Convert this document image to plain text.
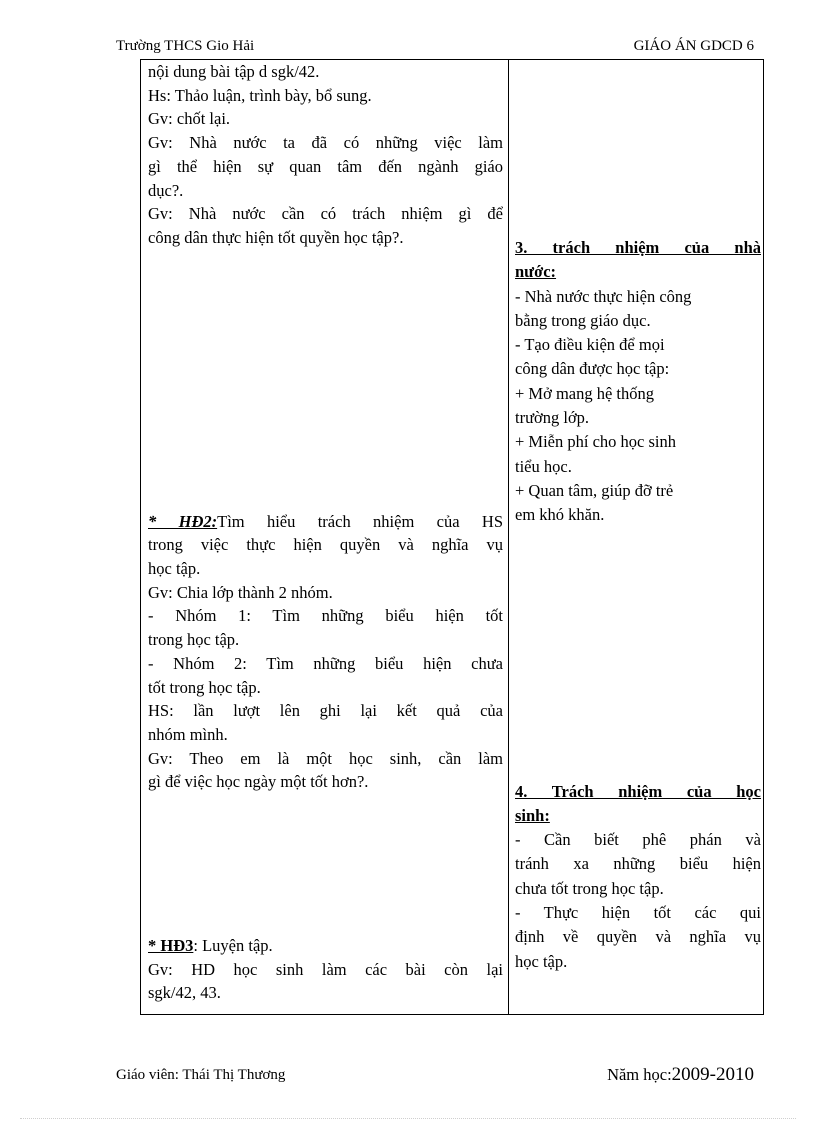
Trường THCS Gio Hải	GIÁO ÁN GDCD 6
nội dung bài tập d sgk/42.
Hs: Thảo luận, trình bày, bổ sung.
Gv: chốt lại.
Gv: Nhà nước ta đã có những việc làm
gì thể hiện sự quan tâm đến ngành giáo
dục?.
Gv: Nhà nước cần có trách nhiệm gì để
công dân thực hiện tốt quyền học tập?.
* HĐ2:Tìm hiểu trách nhiệm của HS
trong việc thực hiện quyền và nghĩa vụ
học tập.
Gv: Chia lớp thành 2 nhóm.
- Nhóm 1: Tìm những biểu hiện tốt
trong học tập.
- Nhóm 2: Tìm những biểu hiện chưa
tốt trong học tập.
HS: lần lượt lên ghi lại kết quả của
nhóm mình.
Gv: Theo em là một học sinh, cần làm
gì để việc học ngày một tốt hơn?.
* HĐ3: Luyện tập.
Gv: HD học sinh làm các bài còn lại
sgk/42, 43.
3. trách nhiệm của nhà
nước:
- Nhà nước thực hiện công
bằng trong giáo dục.
- Tạo điều kiện để mọi
công dân được học tập:
+ Mở mang hệ thống
trường lớp.
+ Miễn phí cho học sinh
tiểu học.
+ Quan tâm, giúp đỡ trẻ
em khó khăn.
4. Trách nhiệm của học
sinh:
- Cần biết phê phán và
tránh xa những biểu hiện
chưa tốt trong học tập.
- Thực hiện tốt các qui
định về quyền và nghĩa vụ
học tập.
Giáo viên: Thái Thị Thương	Năm học:2009-2010
